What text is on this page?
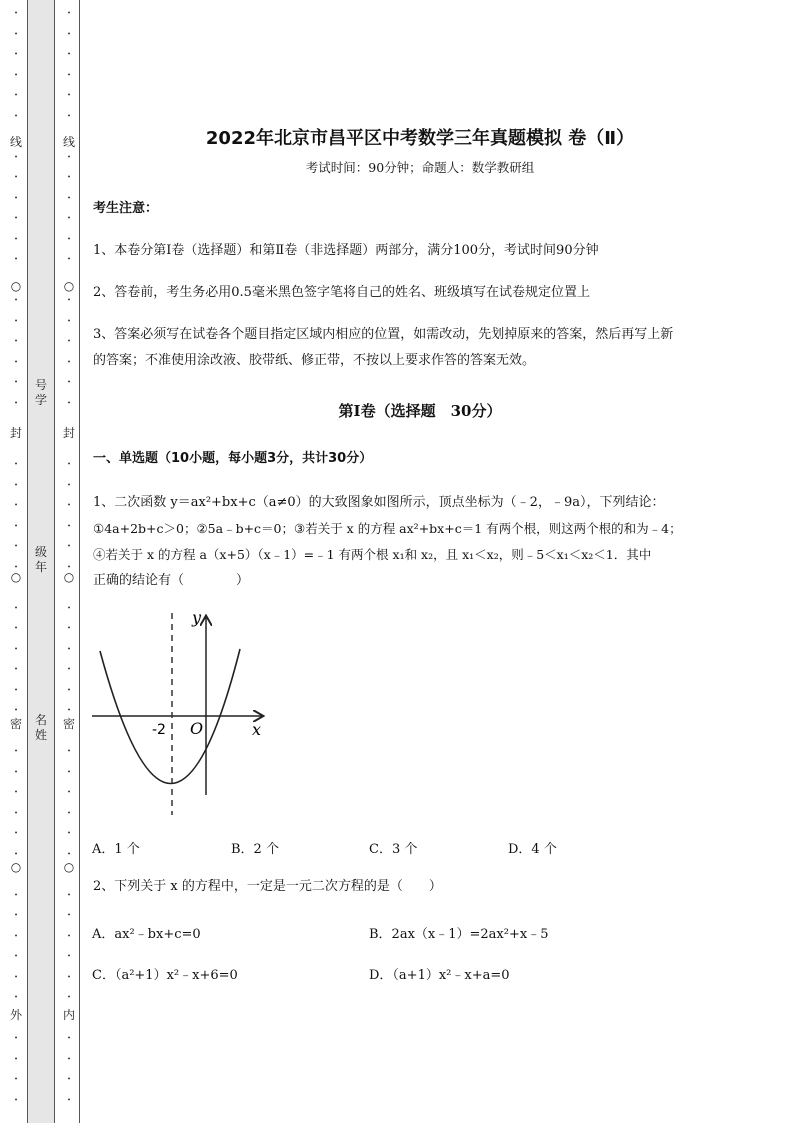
•
•
•
•
•
•
•
•
•
•
•
•
•
•
•
•
•
•
•
•
•
•
•
•
•
•
•
•
•
•
•
•
•
•
•
•
•
•
•
•
•
•
•
•
•
•
•
•
•
•
•
•
•
•
•
•
•
•
•
•
•
•
•
•
•
•
•
•
•
•
•
•
•
•
•
•
•
•
•
•
•
•
•
•
•
•
•
•
•
•
•
•
线
○
封
○
密
○
外
线
○
封
○
密
○
内
号学
级年
名姓
2022年北京市昌平区中考数学三年真题模拟 卷（Ⅱ）
考试时间：90分钟；命题人：数学教研组
考生注意：
1、本卷分第I卷（选择题）和第Ⅱ卷（非选择题）两部分，满分100分，考试时间90分钟
2、答卷前，考生务必用0.5毫米黑色签字笔将自己的姓名、班级填写在试卷规定位置上
3、答案必须写在试卷各个题目指定区域内相应的位置，如需改动，先划掉原来的答案，然后再写上新
的答案；不准使用涂改液、胶带纸、修正带，不按以上要求作答的答案无效。
第I卷（选择题　30分）
一、单选题（10小题，每小题3分，共计30分）
1、二次函数 y＝ax²+bx+c（a≠0）的大致图象如图所示，顶点坐标为（﹣2，﹣9a），下列结论：
①4a+2b+c＞0；②5a﹣b+c＝0；③若关于 x 的方程 ax²+bx+c＝1 有两个根，则这两个根的和为﹣4；
④若关于 x 的方程 a（x+5）（x﹣1）=﹣1 有两个根 x₁和 x₂，且 x₁＜x₂，则﹣5＜x₁＜x₂＜1．其中
正确的结论有（　　　　）
y
x
O
-2
A．1 个	B．2 个	C．3 个	D．4 个
2、下列关于 x 的方程中，一定是一元二次方程的是（　　）
A．ax²﹣bx+c=0	B．2ax（x﹣1）=2ax²+x﹣5
C．（a²+1）x²﹣x+6=0	D．（a+1）x²﹣x+a=0
